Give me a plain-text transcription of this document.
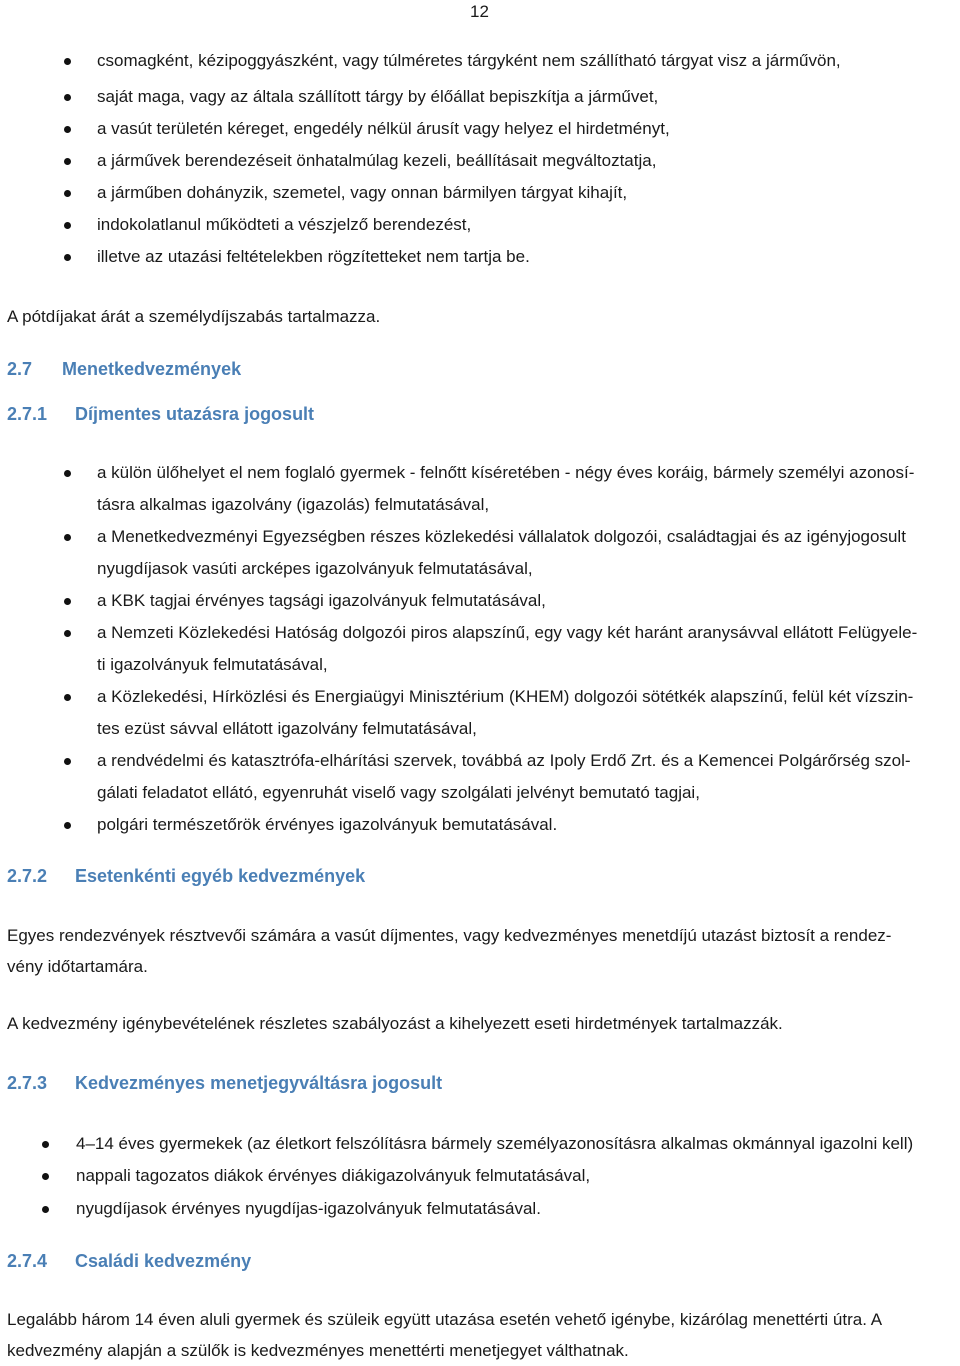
12
csomagként, kézipoggyászként, vagy túlméretes tárgyként nem szállítható tárgyat visz a járművön,
saját maga, vagy az általa szállított tárgy by élőállat bepiszkítja a járművet,
a vasút területén kéreget, engedély nélkül árusít vagy helyez el hirdetményt,
a járművek berendezéseit önhatalmúlag kezeli, beállításait megváltoztatja,
a járműben dohányzik, szemetel, vagy onnan bármilyen tárgyat kihajít,
indokolatlanul működteti a vészjelző berendezést,
illetve az utazási feltételekben rögzítetteket nem tartja be.
A pótdíjakat árát a személydíjszabás tartalmazza.
2.7 Menetkedvezmények
2.7.1 Díjmentes utazásra jogosult
a külön ülőhelyet el nem foglaló gyermek - felnőtt kíséretében - négy éves koráig, bármely személyi azonosí-
tásra alkalmas igazolvány (igazolás) felmutatásával,
a Menetkedvezményi Egyezségben részes közlekedési vállalatok dolgozói, családtagjai és az igényjogosult
nyugdíjasok vasúti arcképes igazolványuk felmutatásával,
a KBK tagjai érvényes tagsági igazolványuk felmutatásával,
a Nemzeti Közlekedési Hatóság dolgozói piros alapszínű, egy vagy két haránt aranysávval ellátott Felügyele-
ti igazolványuk felmutatásával,
a Közlekedési, Hírközlési és Energiaügyi Minisztérium (KHEM) dolgozói sötétkék alapszínű, felül két vízszin-
tes ezüst sávval ellátott igazolvány felmutatásával,
a rendvédelmi és katasztrófa-elhárítási szervek, továbbá az Ipoly Erdő Zrt. és a Kemencei Polgárőrség szol-
gálati feladatot ellátó, egyenruhát viselő vagy szolgálati jelvényt bemutató tagjai,
polgári természetőrök érvényes igazolványuk bemutatásával.
2.7.2 Esetenkénti egyéb kedvezmények
Egyes rendezvények résztvevői számára a vasút díjmentes, vagy kedvezményes menetdíjú utazást biztosít a rendez-
vény időtartamára.
A kedvezmény igénybevételének részletes szabályozást a kihelyezett eseti hirdetmények tartalmazzák.
2.7.3 Kedvezményes menetjegyváltásra jogosult
4–14 éves gyermekek (az életkort felszólításra bármely személyazonosításra alkalmas okmánnyal igazolni kell)
nappali tagozatos diákok érvényes diákigazolványuk felmutatásával,
nyugdíjasok érvényes nyugdíjas-igazolványuk felmutatásával.
2.7.4 Családi kedvezmény
Legalább három 14 éven aluli gyermek és szüleik együtt utazása esetén vehető igénybe, kizárólag menettérti útra. A
kedvezmény alapján a szülők is kedvezményes menettérti menetjegyet válthatnak.
